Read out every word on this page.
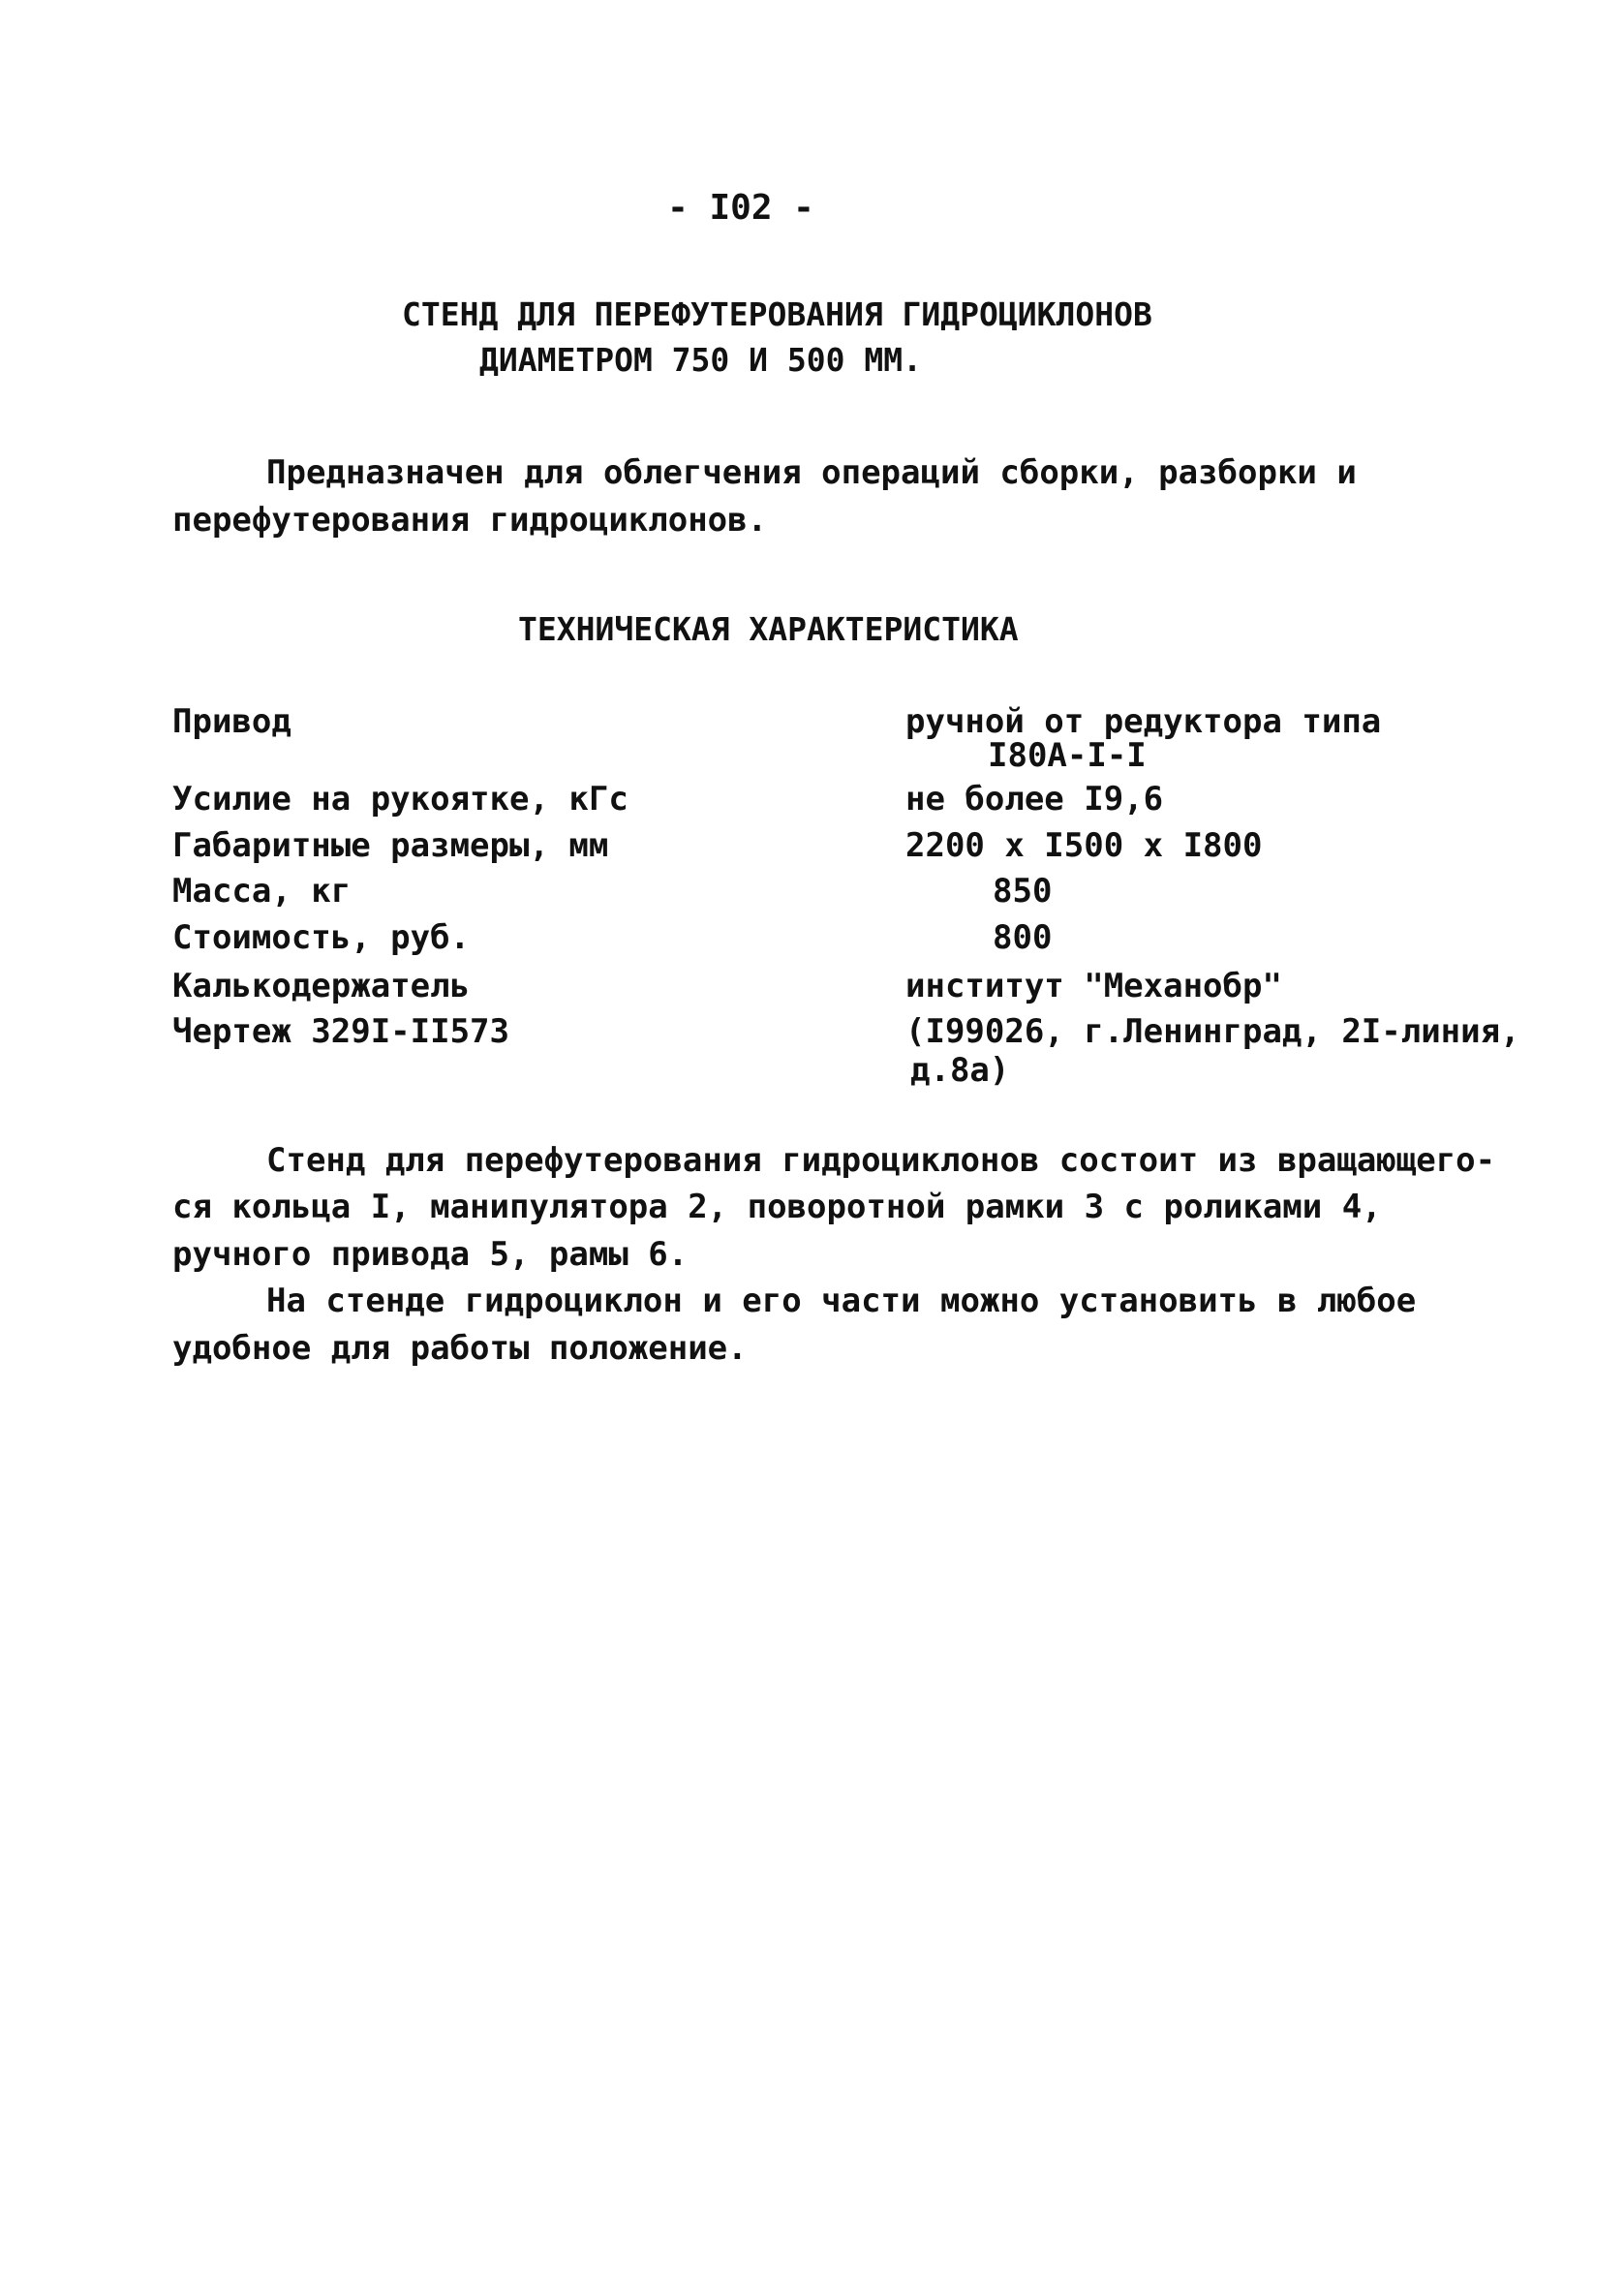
- I02 -
СТЕНД ДЛЯ ПЕРЕФУТЕРОВАНИЯ ГИДРОЦИКЛОНОВ
ДИАМЕТРОМ 750 И 500 ММ.
Предназначен для облегчения операций сборки, разборки и
перефутерования гидроциклонов.
ТЕХНИЧЕСКАЯ ХАРАКТЕРИСТИКА
Привод	ручной от редуктора типа
I80А-I-I
Усилие на рукоятке, кГс	не более I9,6
Габаритные размеры, мм	2200 х I500 х I800
Масса, кг	850
Стоимость, руб.	800
Калькодержатель	институт "Механобр"
Чертеж 329I-II573	(I99026, г.Ленинград, 2I-линия,
д.8а)
Стенд для перефутерования гидроциклонов состоит из вращающего-
ся кольца I, манипулятора 2, поворотной рамки 3 с роликами 4,
ручного привода 5, рамы 6.
На стенде гидроциклон и его части можно установить в любое
удобное для работы положение.
